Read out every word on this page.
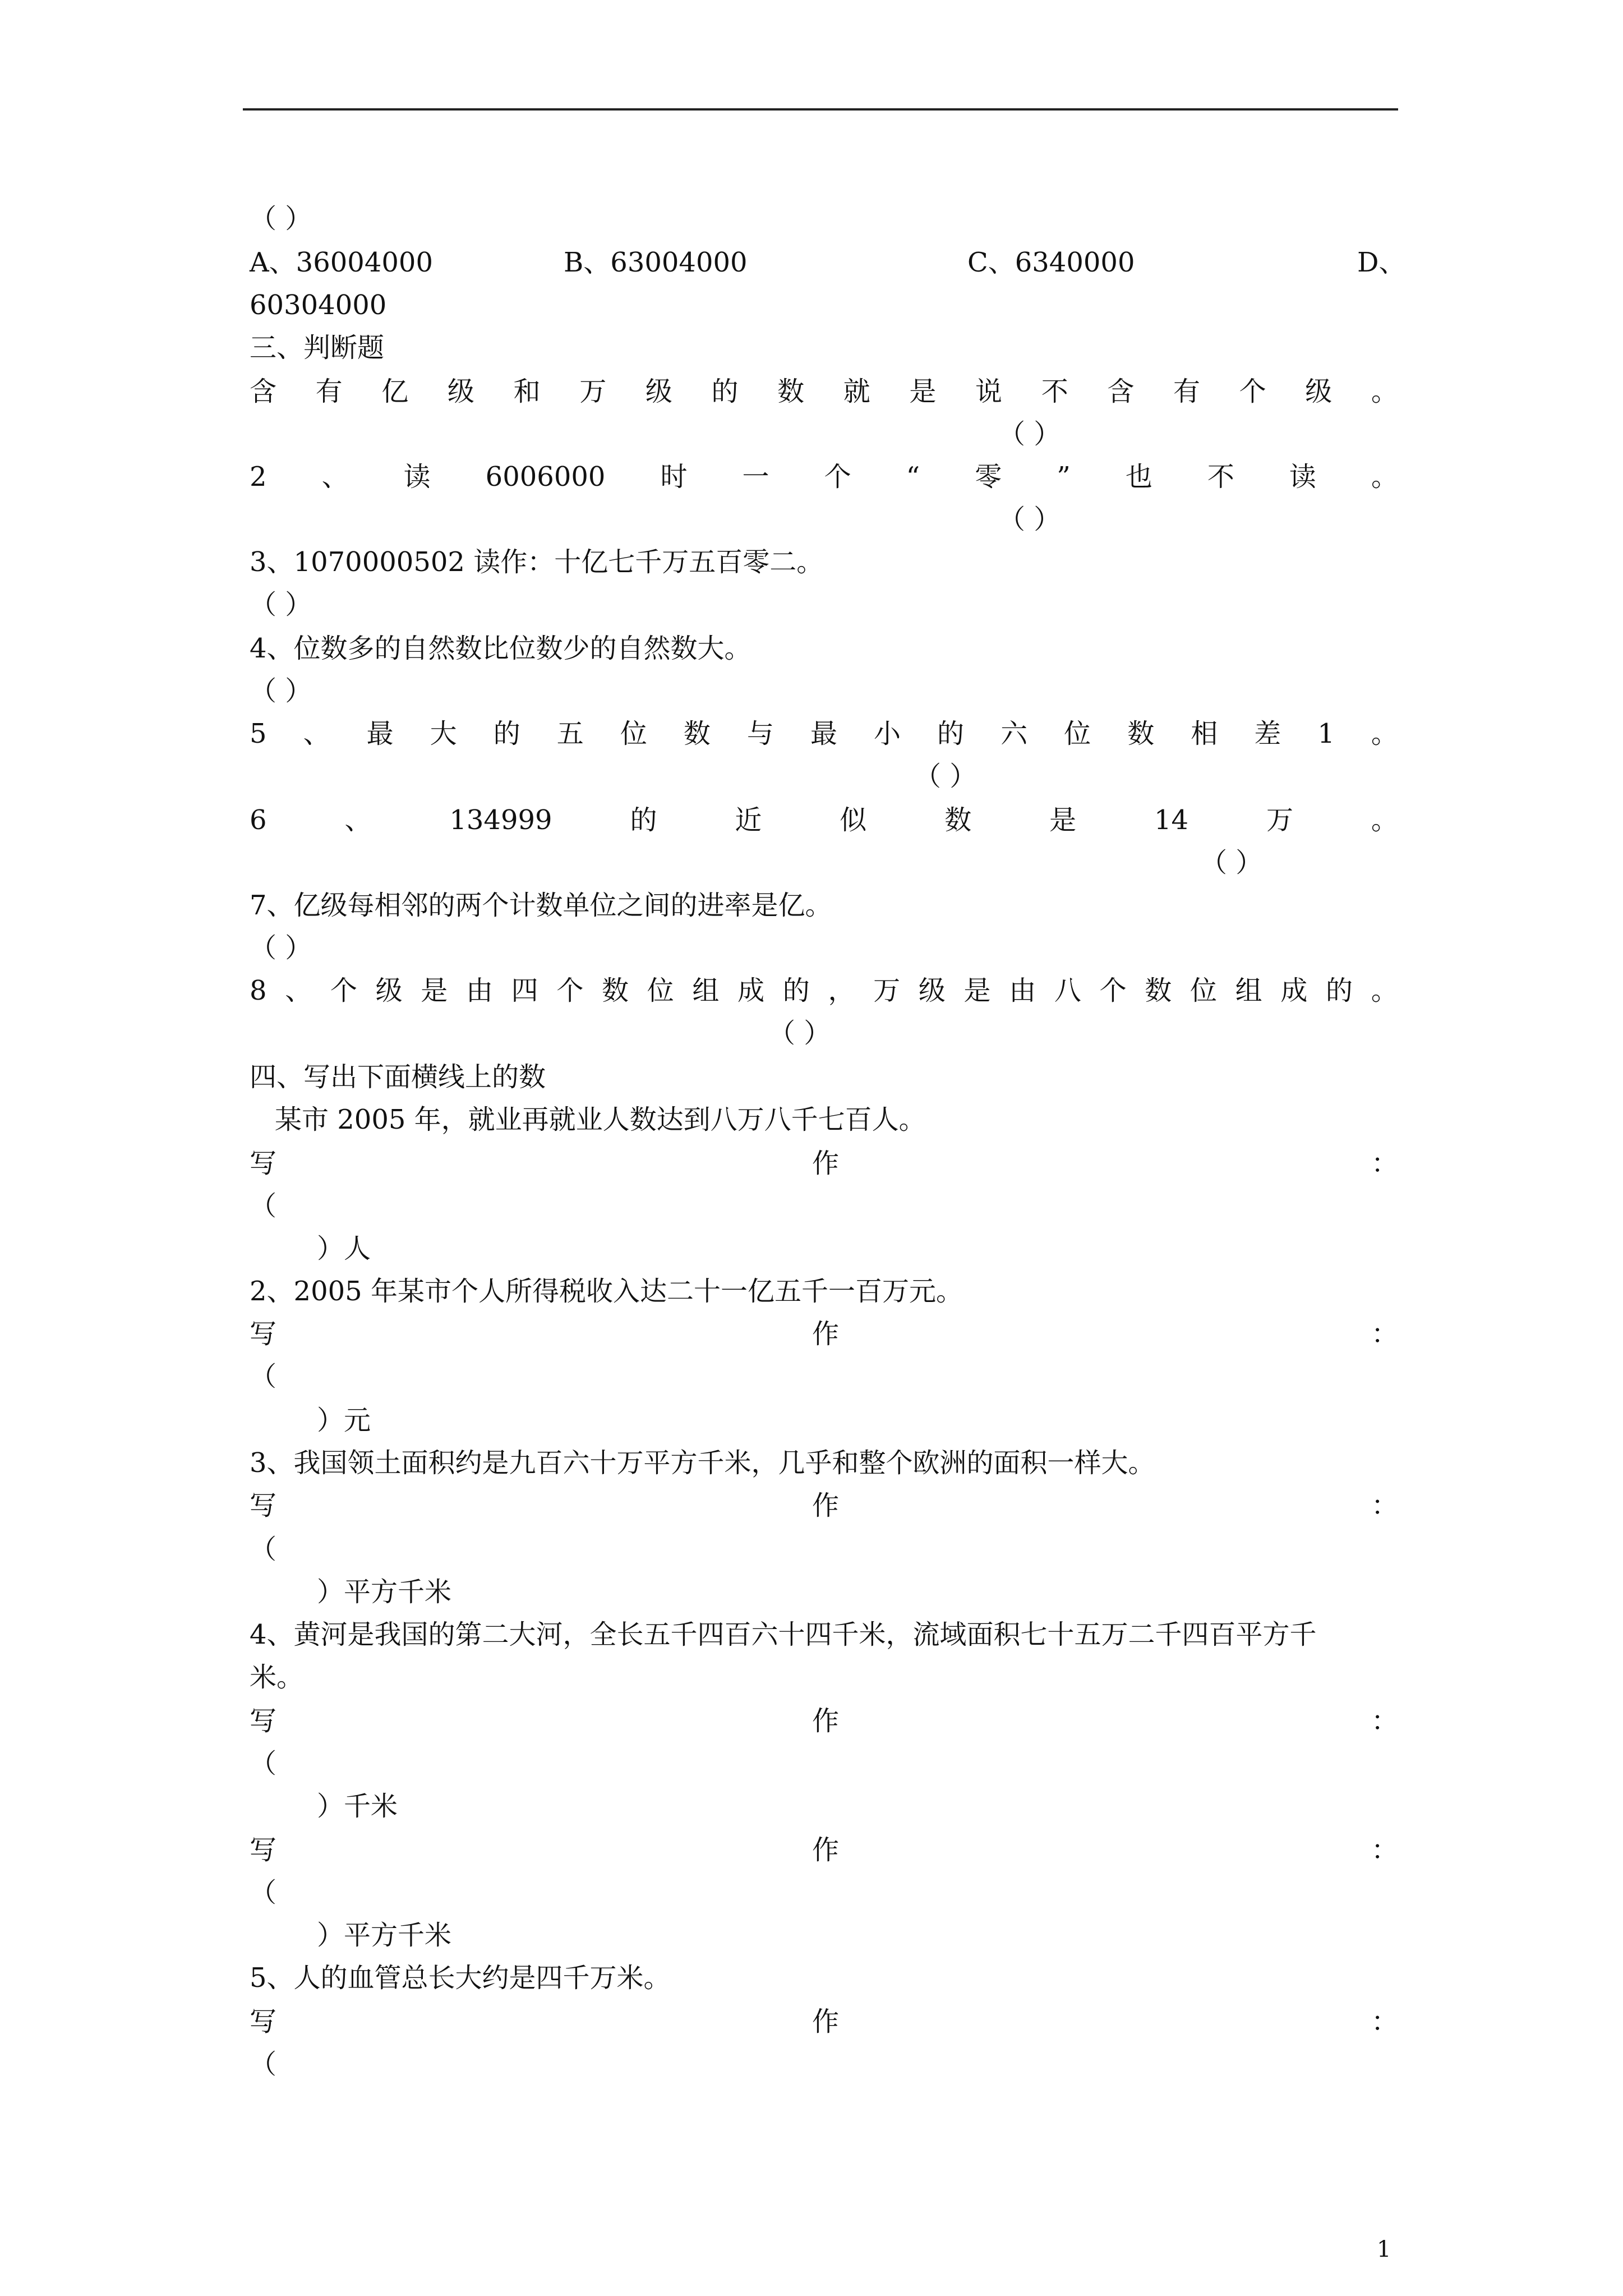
（ ）
A、36004000	B、63004000	C、6340000	D、
60304000
三、判断题
含 有 亿 级 和 万 级 的 数 就 是 说 不 含 有 个 级 。
（ ）
2 、 读 6006000 时 一 个 “ 零 ” 也 不 读 。
（ ）
3、1070000502 读作：十亿七千万五百零二。
（ ）
4、位数多的自然数比位数少的自然数大。
（ ）
5 、 最 大 的 五 位 数 与 最 小 的 六 位 数 相 差 1 。
（ ）
6	、	134999	的	近	似	数	是	14	万	。
（ ）
7、亿级每相邻的两个计数单位之间的进率是亿。
（ ）
8 、 个 级 是 由 四 个 数 位 组 成 的 ， 万 级 是 由 八 个 数 位 组 成 的 。
（ ）
四、写出下面横线上的数
某市 2005 年，就业再就业人数达到八万八千七百人。
写	作	：
（
）人
2、2005 年某市个人所得税收入达二十一亿五千一百万元。
写	作	：
（
）元
3、我国领土面积约是九百六十万平方千米，几乎和整个欧洲的面积一样大。
写	作	：
（
）平方千米
4、黄河是我国的第二大河，全长五千四百六十四千米，流域面积七十五万二千四百平方千
米。
写	作	：
（
）千米
写	作	：
（
）平方千米
5、人的血管总长大约是四千万米。
写	作	：
（
1
